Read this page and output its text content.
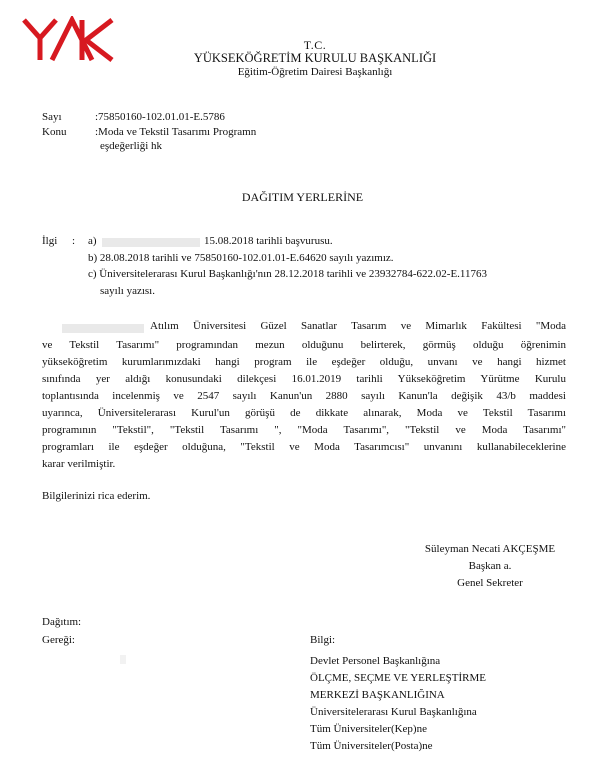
T.C.
YÜKSEKÖĞRETİM KURULU BAŞKANLIĞI
Eğitim-Öğretim Dairesi Başkanlığı
Sayı	:75850160-102.01.01-E.5786
Konu	:Moda ve Tekstil Tasarımı Programn
eşdeğerliği hk
DAĞITIM YERLERİNE
İlgi : a)	15.08.2018 tarihli başvurusu.
b) 28.08.2018 tarihli ve 75850160-102.01.01-E.64620 sayılı yazımız.
c) Üniversitelerarası Kurul Başkanlığı'nın 28.12.2018 tarihli ve 23932784-622.02-E.11763
sayılı yazısı.
Atılım Üniversitesi Güzel Sanatlar Tasarım ve Mimarlık Fakültesi "Moda
ve Tekstil Tasarımı" programından mezun olduğunu belirterek, görmüş olduğu öğrenimin
yükseköğretim kurumlarımızdaki hangi program ile eşdeğer olduğu, unvanı ve hangi hizmet
sınıfında yer aldığı konusundaki dilekçesi 16.01.2019 tarihli Yükseköğretim Yürütme Kurulu
toplantısında incelenmiş ve 2547 sayılı Kanun'un 2880 sayılı Kanun'la değişik 43/b maddesi
uyarınca, Üniversitelerarası Kurul'un görüşü de dikkate alınarak, Moda ve Tekstil Tasarımı
programının "Tekstil", "Tekstil Tasarımı ", "Moda Tasarımı", "Tekstil ve Moda Tasarımı"
programları ile eşdeğer olduğuna, "Tekstil ve Moda Tasarımcısı" unvanını kullanabileceklerine
karar verilmiştir.
Bilgilerinizi rica ederim.
Süleyman Necati AKÇEŞME
Başkan a.
Genel Sekreter
Dağıtım:
Gereği:	Bilgi:
Devlet Personel Başkanlığına
ÖLÇME, SEÇME VE YERLEŞTİRME
MERKEZİ BAŞKANLIĞINA
Üniversitelerarası Kurul Başkanlığına
Tüm Üniversiteler(Kep)ne
Tüm Üniversiteler(Posta)ne
